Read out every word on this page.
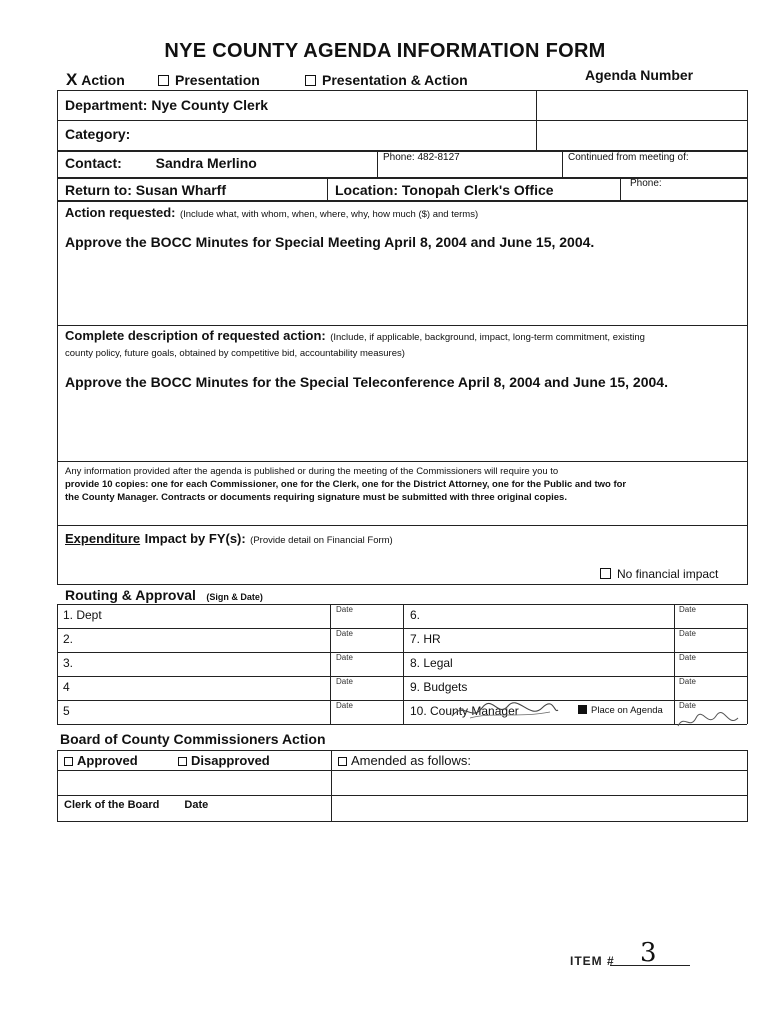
NYE COUNTY AGENDA INFORMATION FORM
X Action	Presentation	Presentation & Action	Agenda Number
Department: Nye County Clerk
Category:
Contact: Sandra Merlino	Phone: 482-8127	Continued from meeting of:
Return to: Susan Wharff	Location: Tonopah Clerk's Office	Phone:
Action requested: (Include what, with whom, when, where, why, how much ($) and terms)
Approve the BOCC Minutes for Special Meeting April 8, 2004 and June 15, 2004.
Complete description of requested action: (Include, if applicable, background, impact, long-term commitment, existing
county policy, future goals, obtained by competitive bid, accountability measures)
Approve the BOCC Minutes for the Special Teleconference April 8, 2004 and June 15, 2004.
Any information provided after the agenda is published or during the meeting of the Commissioners will require you to
provide 10 copies: one for each Commissioner, one for the Clerk, one for the District Attorney, one for the Public and two for
the County Manager. Contracts or documents requiring signature must be submitted with three original copies.
Expenditure Impact by FY(s): (Provide detail on Financial Form)
No financial impact
Routing & Approval (Sign & Date)
1. Dept	Date	6.	Date
2.	Date	7. HR	Date
3.	Date	8. Legal	Date
4	Date	9. Budgets	Date
5	Date	10. County Manager	Date
Place on Agenda
Board of County Commissioners Action
Approved	Disapproved	Amended as follows:
Clerk of the Board Date
ITEM # 3
